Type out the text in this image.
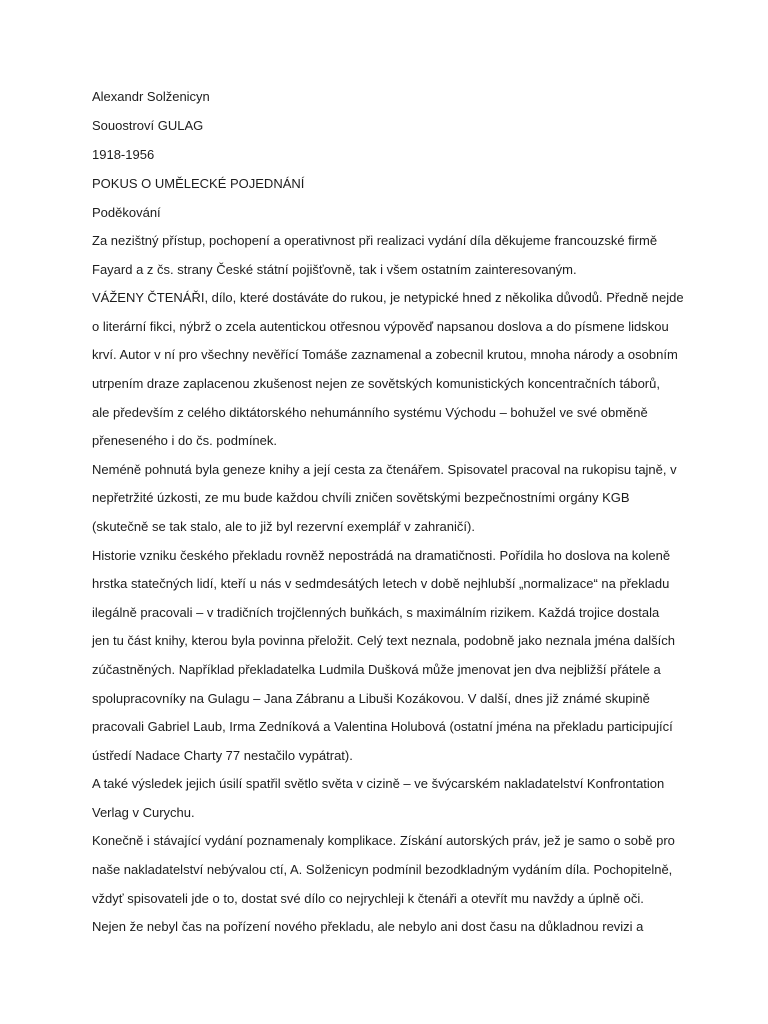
Alexandr Solženicyn
Souostroví GULAG
1918-1956
POKUS O UMĚLECKÉ POJEDNÁNÍ
Poděkování
Za nezištný přístup, pochopení a operativnost při realizaci vydání díla děkujeme francouzské firmě
Fayard a z čs. strany České státní pojišťovně, tak i všem ostatním zainteresovaným.
VÁŽENY ČTENÁŘI, dílo, které dostáváte do rukou, je netypické hned z několika důvodů. Předně nejde
o literární fikci, nýbrž o zcela autentickou otřesnou výpověď napsanou doslova a do písmene lidskou
krví. Autor v ní pro všechny nevěřící Tomáše zaznamenal a zobecnil krutou, mnoha národy a osobním
utrpením draze zaplacenou zkušenost nejen ze sovětských komunistických koncentračních táborů,
ale především z celého diktátorského nehumánního systému Východu – bohužel ve své obměně
přeneseného i do čs. podmínek.
Neméně pohnutá byla geneze knihy a její cesta za čtenářem. Spisovatel pracoval na rukopisu tajně, v
nepřetržité úzkosti, ze mu bude každou chvíli zničen sovětskými bezpečnostními orgány KGB
(skutečně se tak stalo, ale to již byl rezervní exemplář v zahraničí).
Historie vzniku českého překladu rovněž nepostrádá na dramatičnosti. Pořídila ho doslova na koleně
hrstka statečných lidí, kteří u nás v sedmdesátých letech v době nejhlubší „normalizace“ na překladu
ilegálně pracovali – v tradičních trojčlenných buňkách, s maximálním rizikem. Každá trojice dostala
jen tu část knihy, kterou byla povinna přeložit. Celý text neznala, podobně jako neznala jména dalších
zúčastněných. Například překladatelka Ludmila Dušková může jmenovat jen dva nejbližší přátele a
spolupracovníky na Gulagu – Jana Zábranu a Libuši Kozákovou. V další, dnes již známé skupině
pracovali Gabriel Laub, Irma Zedníková a Valentina Holubová (ostatní jména na překladu participující
ústředí Nadace Charty 77 nestačilo vypátrat).
A také výsledek jejich úsilí spatřil světlo světa v cizině – ve švýcarském nakladatelství Konfrontation
Verlag v Curychu.
Konečně i stávající vydání poznamenaly komplikace. Získání autorských práv, jež je samo o sobě pro
naše nakladatelství nebývalou ctí, A. Solženicyn podmínil bezodkladným vydáním díla. Pochopitelně,
vždyť spisovateli jde o to, dostat své dílo co nejrychleji k čtenáři a otevřít mu navždy a úplně oči.
Nejen že nebyl čas na pořízení nového překladu, ale nebylo ani dost času na důkladnou revizi a
